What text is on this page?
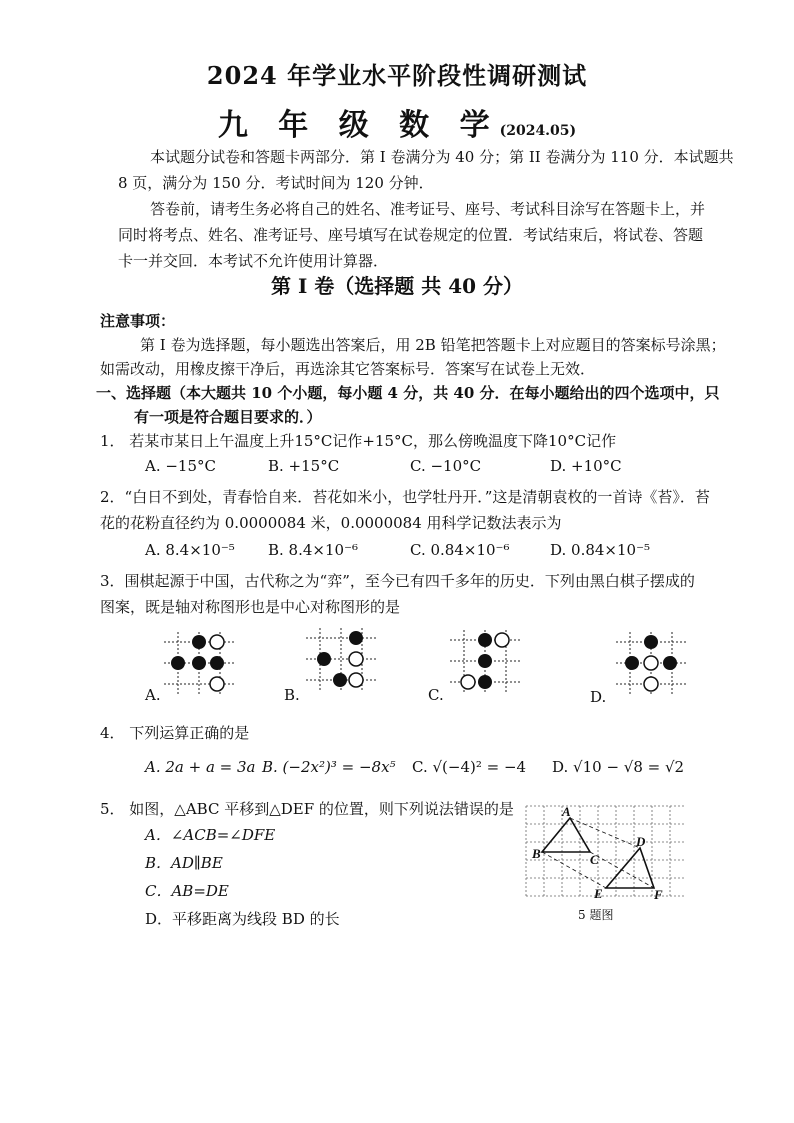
2024 年学业水平阶段性调研测试
九 年 级 数 学(2024.05)
本试题分试卷和答题卡两部分．第 I 卷满分为 40 分；第 II 卷满分为 110 分．本试题共
8 页，满分为 150 分．考试时间为 120 分钟．
答卷前，请考生务必将自己的姓名、准考证号、座号、考试科目涂写在答题卡上，并
同时将考点、姓名、准考证号、座号填写在试卷规定的位置．考试结束后，将试卷、答题
卡一并交回．本考试不允许使用计算器．
第 I 卷（选择题 共 40 分）
注意事项：
第 I 卷为选择题，每小题选出答案后，用 2B 铅笔把答题卡上对应题目的答案标号涂黑；
如需改动，用橡皮擦干净后，再选涂其它答案标号．答案写在试卷上无效．
一、选择题（本大题共 10 个小题，每小题 4 分，共 40 分．在每小题给出的四个选项中，只
有一项是符合题目要求的．）
1． 若某市某日上午温度上升15°C记作+15°C，那么傍晚温度下降10°C记作
A. −15°C	B. +15°C	C. −10°C	D. +10°C
2．“白日不到处，青春恰自来．苔花如米小，也学牡丹开．”这是清朝袁枚的一首诗《苔》．苔
花的花粉直径约为 0.0000084 米，0.0000084 用科学记数法表示为
A. 8.4×10⁻⁵ B. 8.4×10⁻⁶	C. 0.84×10⁻⁶	D. 0.84×10⁻⁵
3．围棋起源于中国，古代称之为“弈”，至今已有四千多年的历史．下列由黑白棋子摆成的
图案，既是轴对称图形也是中心对称图形的是
A.	B.	C.	D.
4． 下列运算正确的是
A. 2a + a = 3a B. (−2x²)³ = −8x⁵ C. √(−4)² = −4 D. √10 − √8 = √2
5． 如图，△ABC 平移到△DEF 的位置，则下列说法错误的是
A．∠ACB=∠DFE
B．AD∥BE
C．AB=DE
D．平移距离为线段 BD 的长
A
B	C
D
E	F
5 题图
